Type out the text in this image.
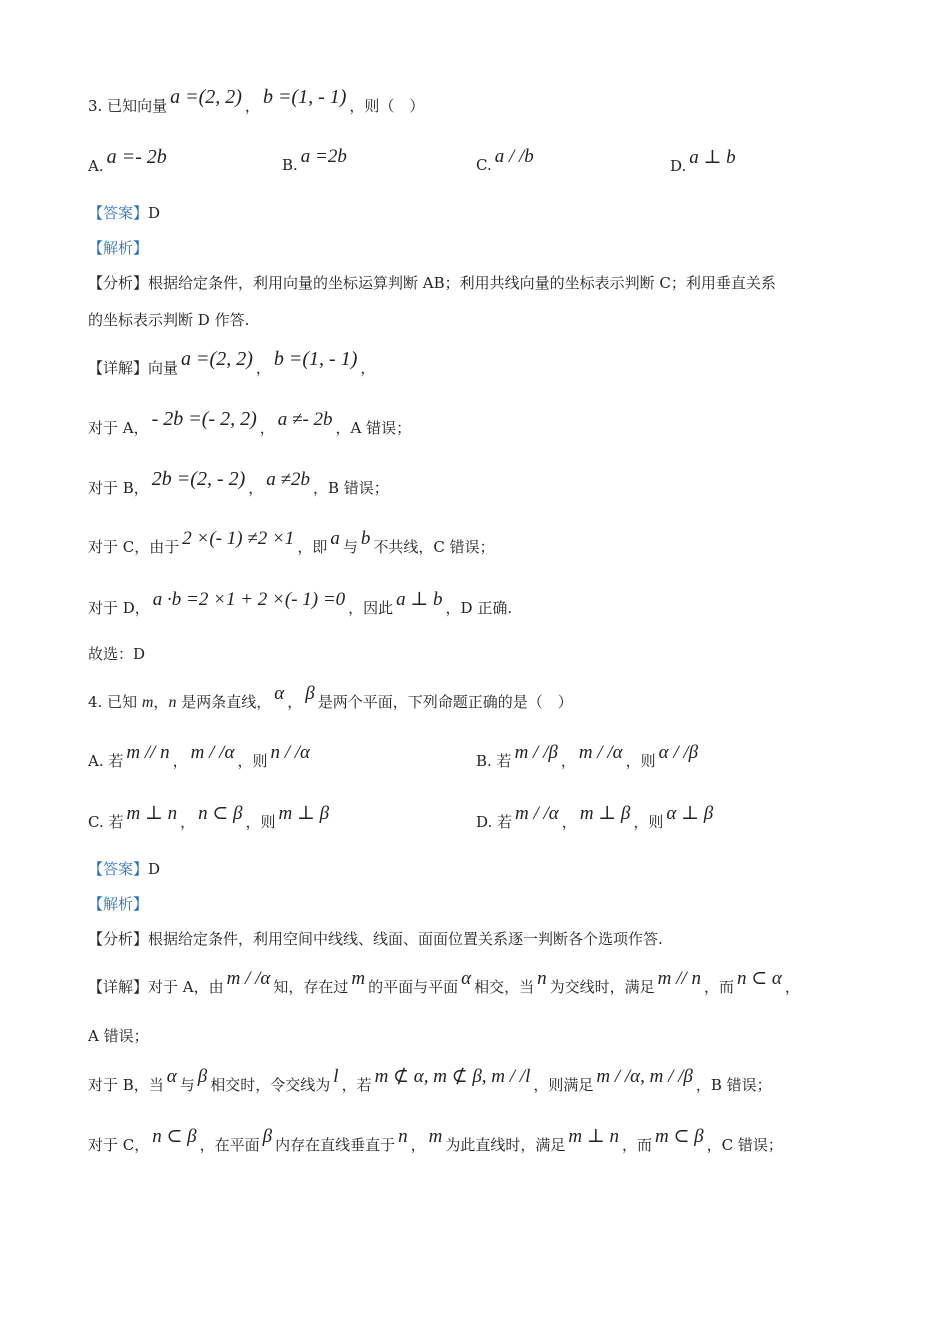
3. 已知向量 a =(2, 2) ， b =(1, - 1) ，则（　）
A. a =- 2b	B. a =2b	C. a / /b	D. a ⊥ b
【答案】D
【解析】
【分析】根据给定条件，利用向量的坐标运算判断 AB；利用共线向量的坐标表示判断 C；利用垂直关系
的坐标表示判断 D 作答.
【详解】向量 a =(2, 2) ， b =(1, - 1) ，
对于 A， - 2b =(- 2, 2) ， a ≠- 2b ，A 错误；
对于 B， 2b =(2, - 2) ， a ≠2b ，B 错误；
对于 C，由于 2 ×(- 1) ≠2 ×1 ，即 a 与 b 不共线，C 错误；
对于 D， a ·b =2 ×1 + 2 ×(- 1) =0 ，因此 a ⊥ b ，D 正确.
故选：D
4. 已知 m，n 是两条直线， α ， β 是两个平面，下列命题正确的是（　）
A. 若 m // n ， m / /α ，则 n / /α	B. 若 m / /β ， m / /α ，则 α / /β
C. 若 m ⊥ n ， n ⊂ β ，则 m ⊥ β	D. 若 m / /α ， m ⊥ β ，则 α ⊥ β
【答案】D
【解析】
【分析】根据给定条件，利用空间中线线、线面、面面位置关系逐一判断各个选项作答.
【详解】对于 A，由 m / /α 知，存在过 m 的平面与平面 α 相交，当 n 为交线时，满足 m // n ，而 n ⊂ α ，
A 错误；
对于 B，当 α 与 β 相交时，令交线为 l ，若 m ⊄ α, m ⊄ β, m / /l ，则满足 m / /α, m / /β ，B 错误；
对于 C， n ⊂ β ，在平面 β 内存在直线垂直于 n ， m 为此直线时，满足 m ⊥ n ，而 m ⊂ β ，C 错误；
